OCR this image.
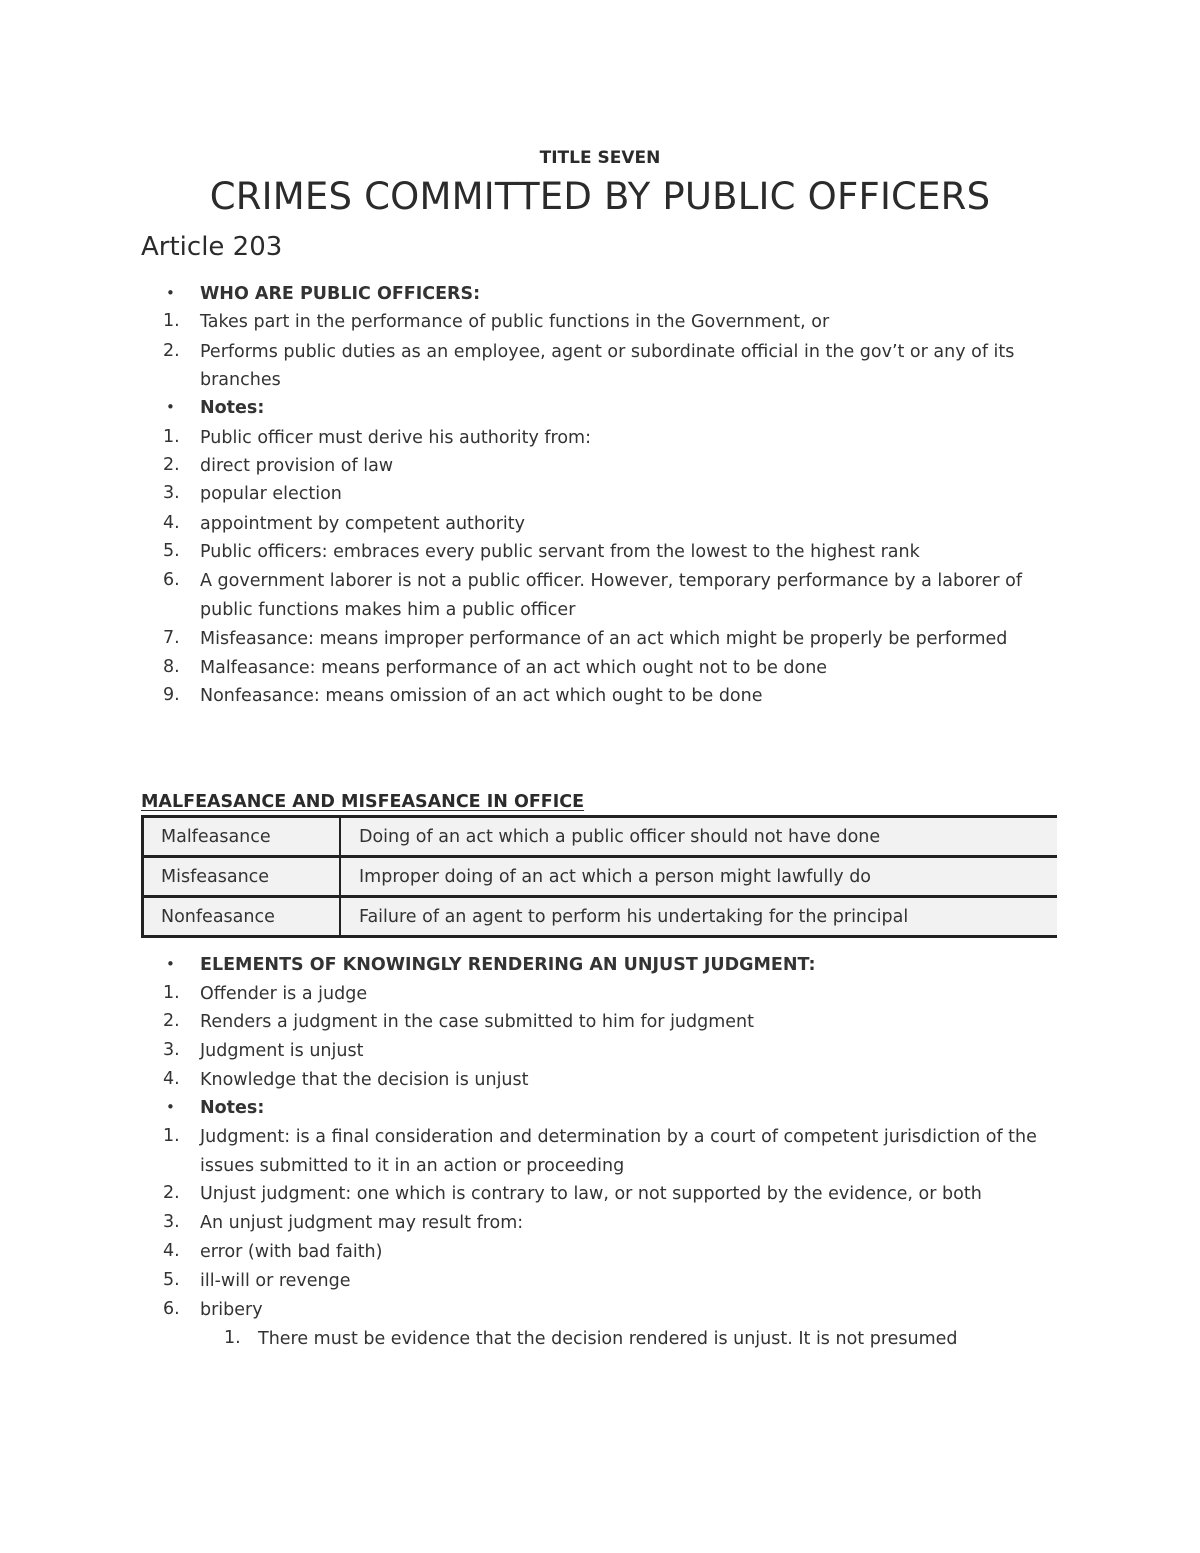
TITLE SEVEN
CRIMES COMMITTED BY PUBLIC OFFICERS
Article 203
• WHO ARE PUBLIC OFFICERS:
1. Takes part in the performance of public functions in the Government, or
2. Performs public duties as an employee, agent or subordinate official in the gov’t or any of its
branches
• Notes:
1. Public officer must derive his authority from:
2. direct provision of law
3. popular election
4. appointment by competent authority
5. Public officers: embraces every public servant from the lowest to the highest rank
6. A government laborer is not a public officer. However, temporary performance by a laborer of
public functions makes him a public officer
7. Misfeasance: means improper performance of an act which might be properly be performed
8. Malfeasance: means performance of an act which ought not to be done
9. Nonfeasance: means omission of an act which ought to be done
MALFEASANCE AND MISFEASANCE IN OFFICE
Malfeasance	Doing of an act which a public officer should not have done
Misfeasance	Improper doing of an act which a person might lawfully do
Nonfeasance	Failure of an agent to perform his undertaking for the principal
• ELEMENTS OF KNOWINGLY RENDERING AN UNJUST JUDGMENT:
1. Offender is a judge
2. Renders a judgment in the case submitted to him for judgment
3. Judgment is unjust
4. Knowledge that the decision is unjust
• Notes:
1. Judgment: is a final consideration and determination by a court of competent jurisdiction of the
issues submitted to it in an action or proceeding
2. Unjust judgment: one which is contrary to law, or not supported by the evidence, or both
3. An unjust judgment may result from:
4. error (with bad faith)
5. ill-will or revenge
6. bribery
1. There must be evidence that the decision rendered is unjust. It is not presumed
